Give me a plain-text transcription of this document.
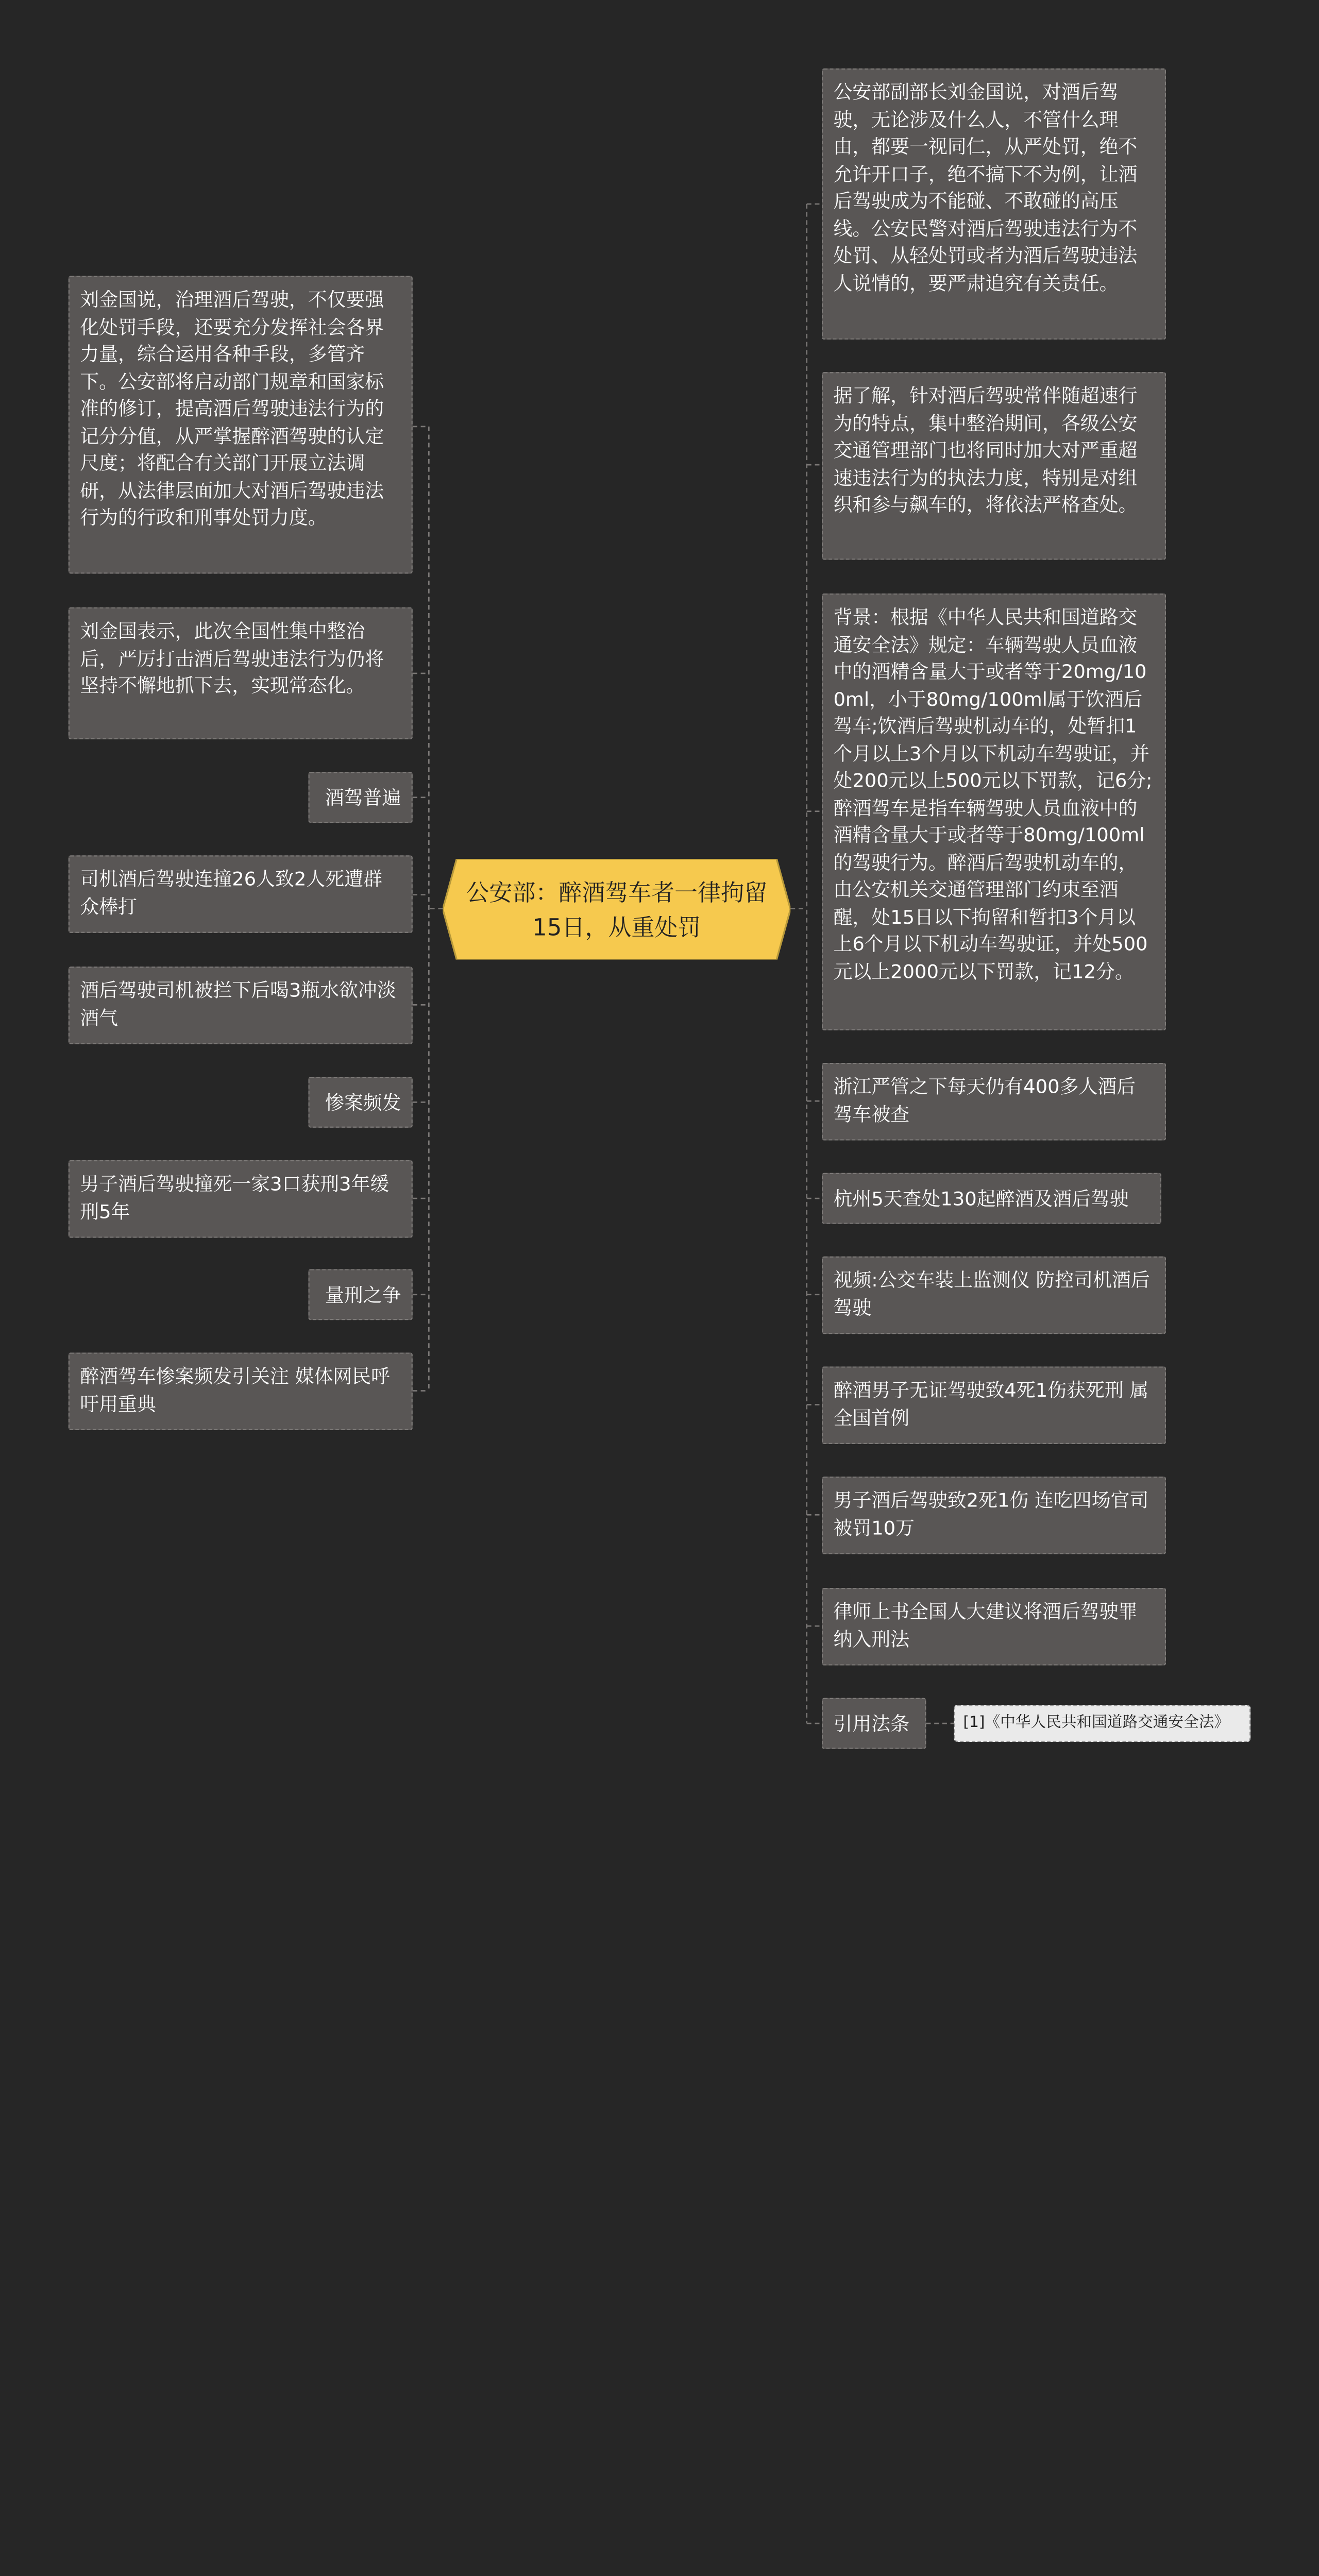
公安部：醉酒驾车者一律拘留15日，从重处罚
刘金国说，治理酒后驾驶，不仅要强化处罚手段，还要充分发挥社会各界力量，综合运用各种手段，多管齐下。公安部将启动部门规章和国家标准的修订，提高酒后驾驶违法行为的记分分值，从严掌握醉酒驾驶的认定尺度；将配合有关部门开展立法调研，从法律层面加大对酒后驾驶违法行为的行政和刑事处罚力度。
刘金国表示，此次全国性集中整治后，严厉打击酒后驾驶违法行为仍将坚持不懈地抓下去，实现常态化。
酒驾普遍
司机酒后驾驶连撞26人致2人死遭群众棒打
酒后驾驶司机被拦下后喝3瓶水欲冲淡酒气
惨案频发
男子酒后驾驶撞死一家3口获刑3年缓刑5年
量刑之争
醉酒驾车惨案频发引关注 媒体网民呼吁用重典
公安部副部长刘金国说，对酒后驾驶，无论涉及什么人，不管什么理由，都要一视同仁，从严处罚，绝不允许开口子，绝不搞下不为例，让酒后驾驶成为不能碰、不敢碰的高压线。公安民警对酒后驾驶违法行为不处罚、从轻处罚或者为酒后驾驶违法人说情的，要严肃追究有关责任。
据了解，针对酒后驾驶常伴随超速行为的特点，集中整治期间，各级公安交通管理部门也将同时加大对严重超速违法行为的执法力度，特别是对组织和参与飙车的，将依法严格查处。
背景：根据《中华人民共和国道路交通安全法》规定：车辆驾驶人员血液中的酒精含量大于或者等于20mg/100ml，小于80mg/100ml属于饮酒后驾车;饮酒后驾驶机动车的，处暂扣1个月以上3个月以下机动车驾驶证，并处200元以上500元以下罚款，记6分;醉酒驾车是指车辆驾驶人员血液中的酒精含量大于或者等于80mg/100ml的驾驶行为。醉酒后驾驶机动车的，由公安机关交通管理部门约束至酒醒，处15日以下拘留和暂扣3个月以上6个月以下机动车驾驶证，并处500元以上2000元以下罚款，记12分。
浙江严管之下每天仍有400多人酒后驾车被查
杭州5天查处130起醉酒及酒后驾驶
视频:公交车装上监测仪 防控司机酒后驾驶
醉酒男子无证驾驶致4死1伤获死刑 属全国首例
男子酒后驾驶致2死1伤 连吃四场官司被罚10万
律师上书全国人大建议将酒后驾驶罪纳入刑法
引用法条	[1]《中华人民共和国道路交通安全法》
